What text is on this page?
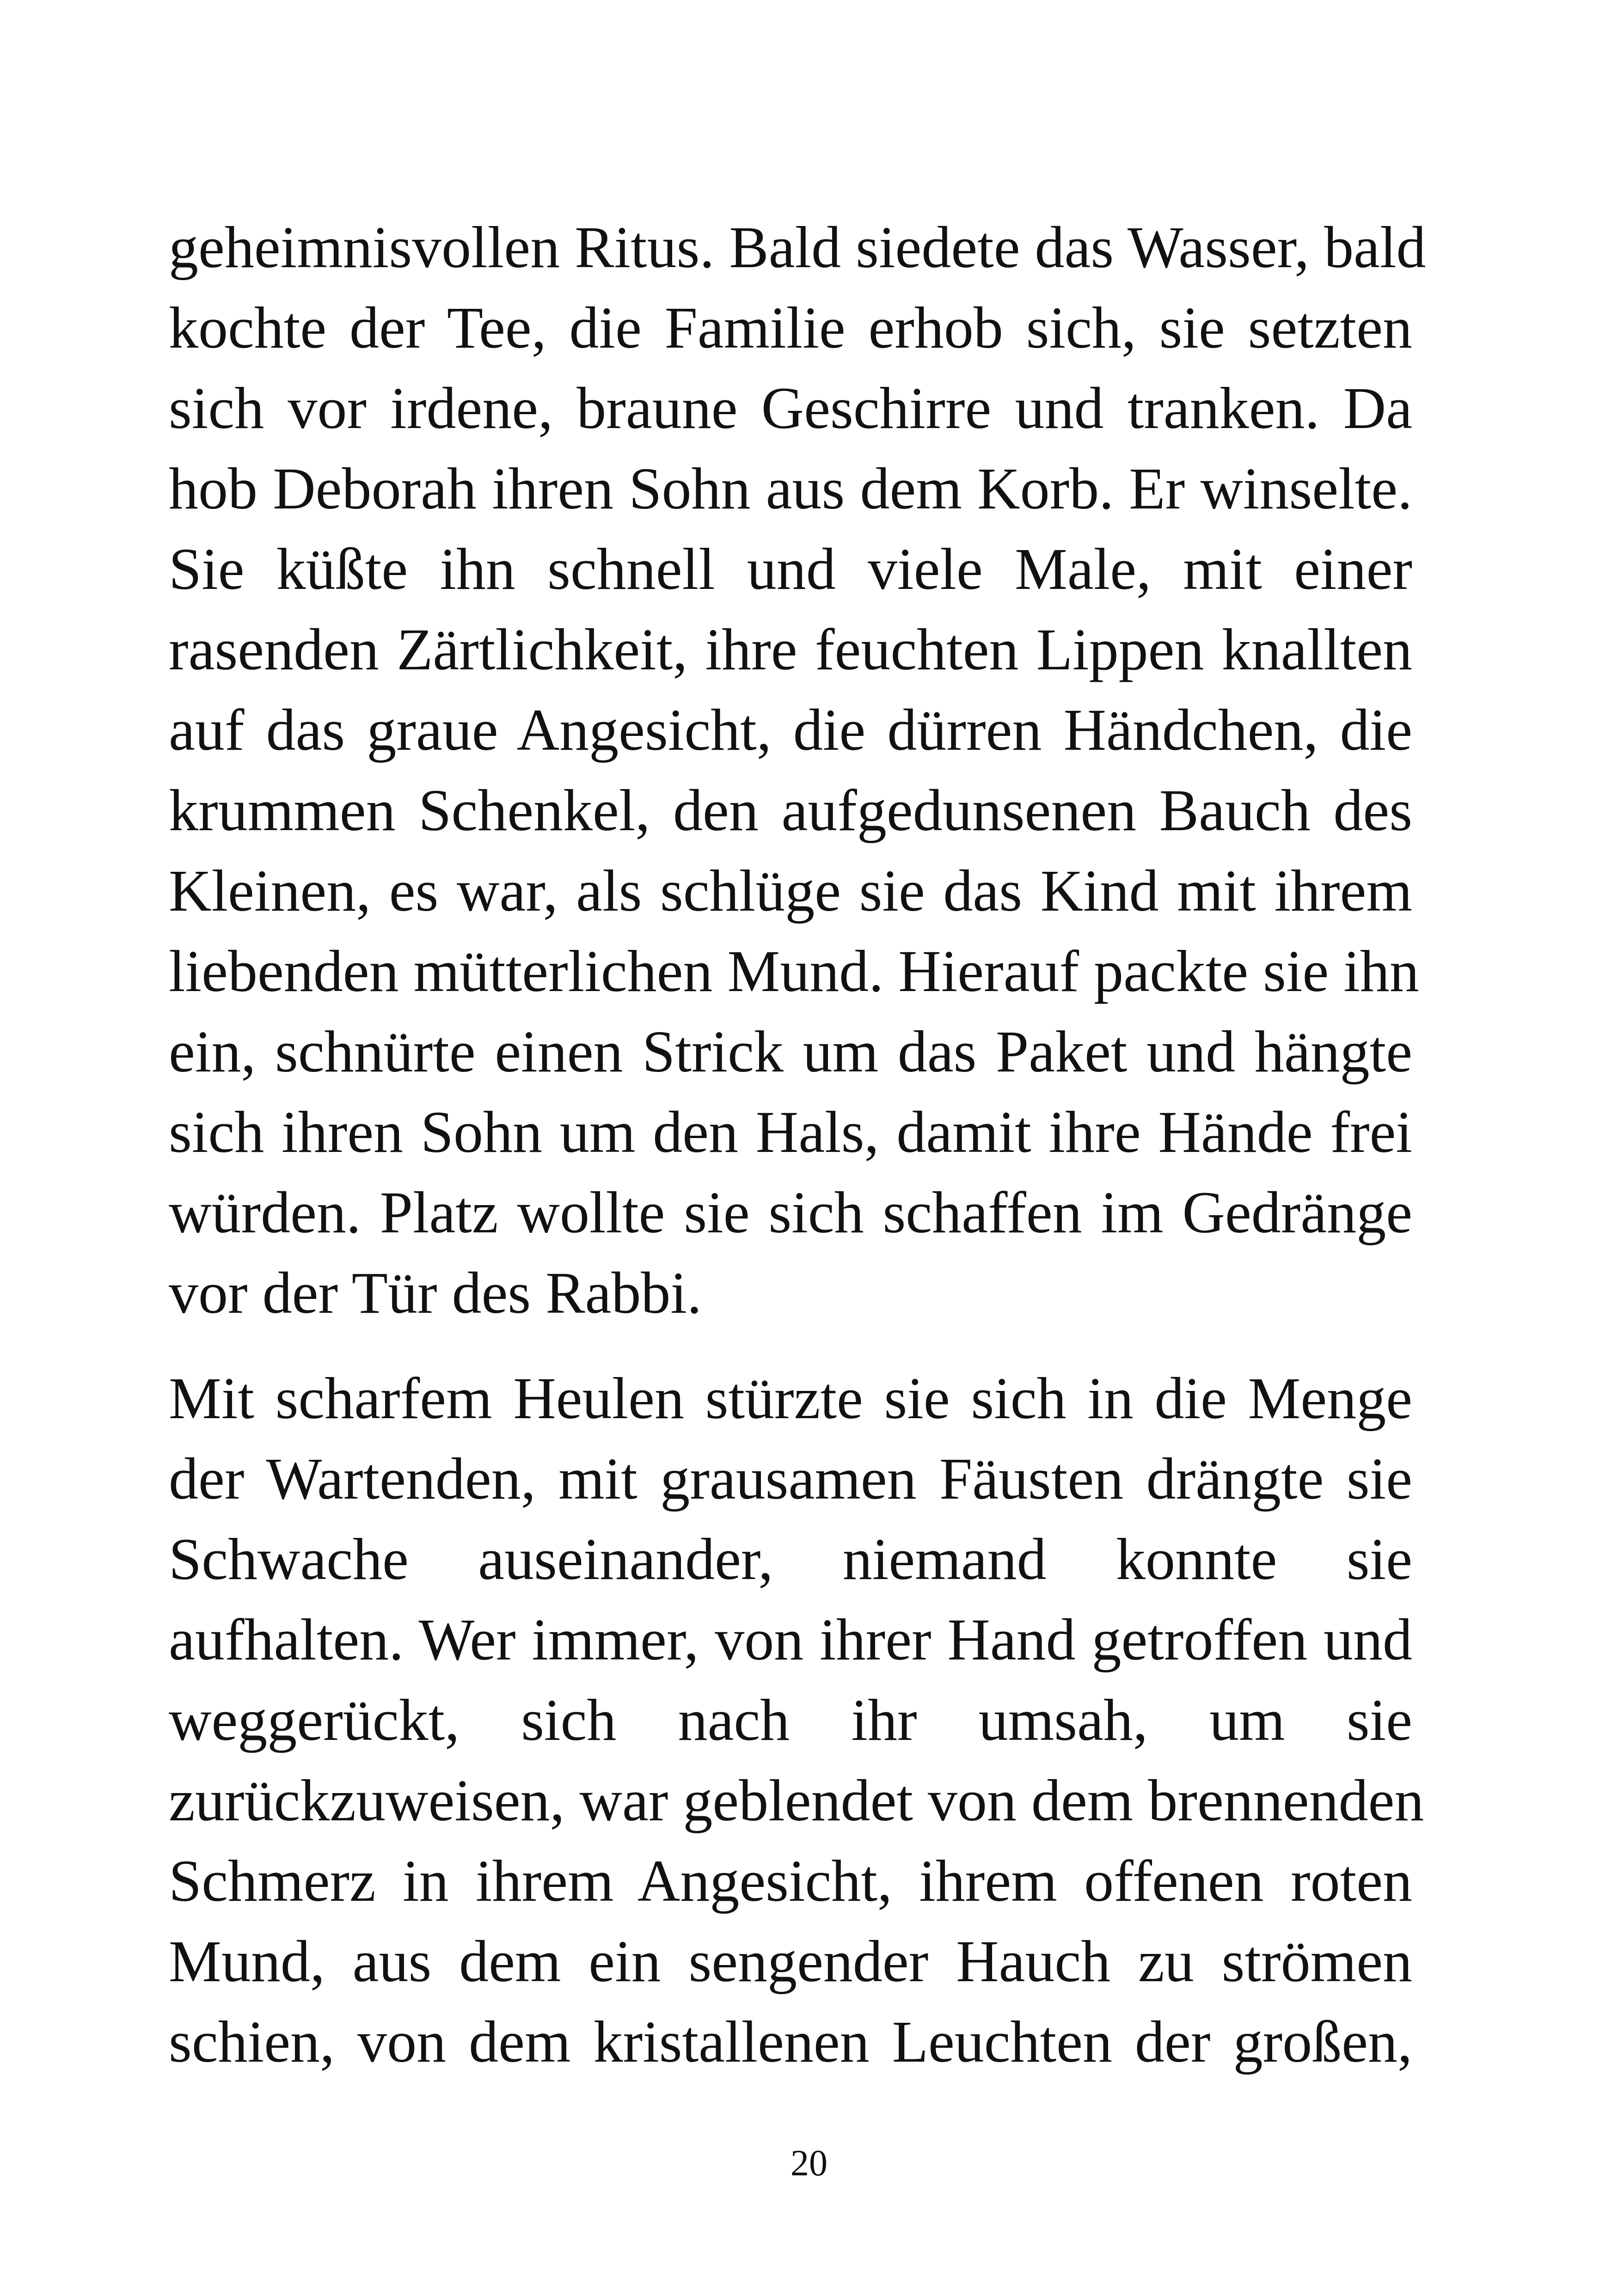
geheimnisvollen Ritus. Bald siedete das Wasser, bald
kochte der Tee, die Familie erhob sich, sie setzten
sich vor irdene, braune Geschirre und tranken. Da
hob Deborah ihren Sohn aus dem Korb. Er winselte.
Sie küßte ihn schnell und viele Male, mit einer
rasenden Zärtlichkeit, ihre feuchten Lippen knallten
auf das graue Angesicht, die dürren Händchen, die
krummen Schenkel, den aufgedunsenen Bauch des
Kleinen, es war, als schlüge sie das Kind mit ihrem
liebenden mütterlichen Mund. Hierauf packte sie ihn
ein, schnürte einen Strick um das Paket und hängte
sich ihren Sohn um den Hals, damit ihre Hände frei
würden. Platz wollte sie sich schaffen im Gedränge
vor der Tür des Rabbi.
Mit scharfem Heulen stürzte sie sich in die Menge
der Wartenden, mit grausamen Fäusten drängte sie
Schwache auseinander, niemand konnte sie
aufhalten. Wer immer, von ihrer Hand getroffen und
weggerückt, sich nach ihr umsah, um sie
zurückzuweisen, war geblendet von dem brennenden
Schmerz in ihrem Angesicht, ihrem offenen roten
Mund, aus dem ein sengender Hauch zu strömen
schien, von dem kristallenen Leuchten der großen,
20
